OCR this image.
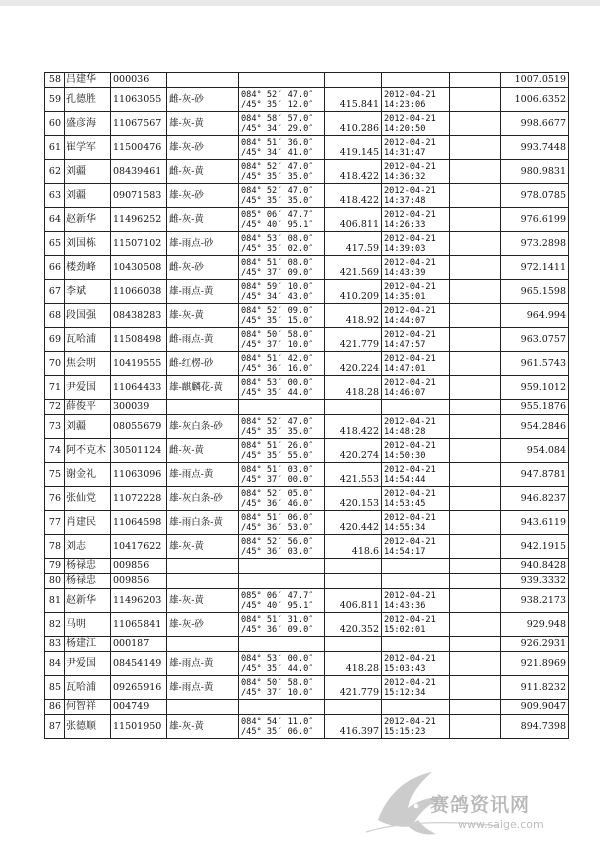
58	吕建华	000036						1007.0519
59	孔德胜	11063055	雌-灰-砂	084° 52′ 47.0″
/45° 35′ 12.0″	415.841	2012-04-21
14:23:06		1006.6352
60	盛彦海	11067567	雄-灰-黄	084° 58′ 57.0″
/45° 34′ 29.0″	410.286	2012-04-21
14:20:50		998.6677
61	崔学军	11500476	雄-灰-砂	084° 51′ 36.0″
/45° 34′ 41.0″	419.145	2012-04-21
14:31:47		993.7448
62	刘疆	08439461	雌-灰-黄	084° 52′ 47.0″
/45° 35′ 35.0″	418.422	2012-04-21
14:36:32		980.9831
63	刘疆	09071583	雄-灰-砂	084° 52′ 47.0″
/45° 35′ 35.0″	418.422	2012-04-21
14:37:48		978.0785
64	赵新华	11496252	雌-灰-黄	085° 06′ 47.7″
/45° 40′ 95.1″	406.811	2012-04-21
14:26:33		976.6199
65	刘国栋	11507102	雄-雨点-砂	084° 53′ 08.0″
/45° 35′ 02.0″	417.59	2012-04-21
14:39:03		973.2898
66	楼劲峰	10430508	雌-灰-砂	084° 51′ 08.0″
/45° 37′ 09.0″	421.569	2012-04-21
14:43:39		972.1411
67	李斌	11066038	雄-雨点-黄	084° 59′ 10.0″
/45° 34′ 43.0″	410.209	2012-04-21
14:35:01		965.1598
68	段国强	08438283	雄-灰-黄	084° 52′ 09.0″
/45° 35′ 15.0″	418.92	2012-04-21
14:44:07		964.994
69	瓦哈浦	11508498	雌-雨点-黄	084° 50′ 58.0″
/45° 37′ 10.0″	421.779	2012-04-21
14:47:57		963.0757
70	焦会明	10419555	雌-红楞-砂	084° 51′ 42.0″
/45° 36′ 16.0″	420.224	2012-04-21
14:47:01		961.5743
71	尹爱国	11064433	雄-麒麟花-黄	084° 53′ 00.0″
/45° 35′ 44.0″	418.28	2012-04-21
14:46:07		959.1012
72	薛俊平	300039						955.1876
73	刘疆	08055679	雄-灰白条-砂	084° 52′ 47.0″
/45° 35′ 35.0″	418.422	2012-04-21
14:48:28		954.2846
74	阿不克木	30501124	雌-灰-黄	084° 51′ 26.0″
/45° 35′ 55.0″	420.274	2012-04-21
14:50:30		954.084
75	谢金礼	11063096	雄-雨点-黄	084° 51′ 03.0″
/45° 37′ 00.0″	421.553	2012-04-21
14:54:44		947.8781
76	张仙党	11072228	雄-灰白条-砂	084° 52′ 05.0″
/45° 36′ 46.0″	420.153	2012-04-21
14:53:45		946.8237
77	肖建民	11064598	雄-雨白条-黄	084° 51′ 06.0″
/45° 36′ 53.0″	420.442	2012-04-21
14:55:34		943.6119
78	刘志	10417622	雄-灰-黄	084° 52′ 56.0″
/45° 36′ 03.0″	418.6	2012-04-21
14:54:17		942.1915
79	杨禄忠	009856						940.8428
80	杨禄忠	009856						939.3332
81	赵新华	11496203	雄-灰-黄	085° 06′ 47.7″
/45° 40′ 95.1″	406.811	2012-04-21
14:43:36		938.2173
82	马明	11065841	雄-灰-砂	084° 51′ 31.0″
/45° 36′ 09.0″	420.352	2012-04-21
15:02:01		929.948
83	杨建江	000187						926.2931
84	尹爱国	08454149	雄-雨点-黄	084° 53′ 00.0″
/45° 35′ 44.0″	418.28	2012-04-21
15:03:43		921.8969
85	瓦哈浦	09265916	雄-雨点-黄	084° 50′ 58.0″
/45° 37′ 10.0″	421.779	2012-04-21
15:12:34		911.8232
86	何智祥	004749						909.9047
87	张德顺	11501950	雄-灰-黄	084° 54′ 11.0″
/45° 35′ 06.0″	416.397	2012-04-21
15:15:23		894.7398
赛鸽资讯网
www.saige.com
